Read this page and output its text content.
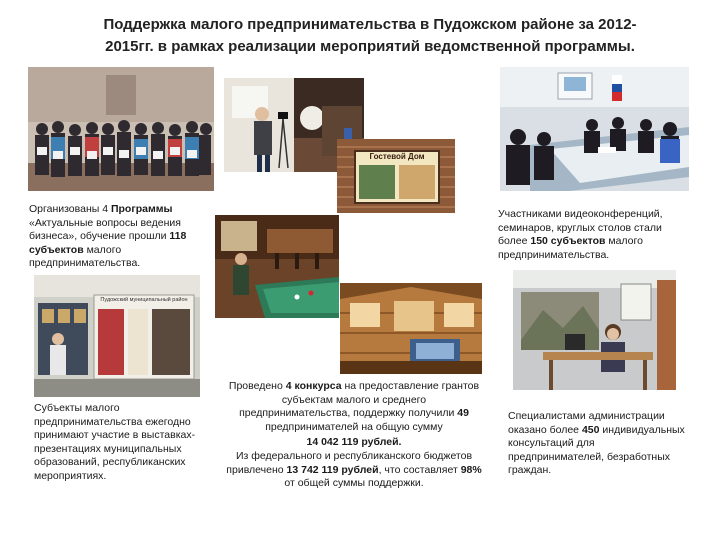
Поддержка малого предпринимательства в Пудожском районе за 2012-
2015гг. в рамках реализации мероприятий ведомственной программы.
Гостевой Дом
Пудожский муниципальный район
Организованы 4 Программы «Актуальные вопросы ведения бизнеса», обучение прошли 118 субъектов малого предпринимательства.
Субъекты малого предпринимательства ежегодно принимают участие в выставках-презентациях муниципальных образований, республиканских мероприятиях.
Проведено 4 конкурса на предоставление грантов субъектам малого и среднего предпринимательства, поддержку получили 49 предпринимателей на общую сумму
14 042 119 рублей.
Из федерального и республиканского бюджетов привлечено 13 742 119 рублей, что составляет 98% от общей суммы поддержки.
Участниками видеоконференций, семинаров, круглых столов стали более 150 субъектов малого предпринимательства.
Специалистами администрации оказано более 450 индивидуальных консультаций для предпринимателей, безработных граждан.
